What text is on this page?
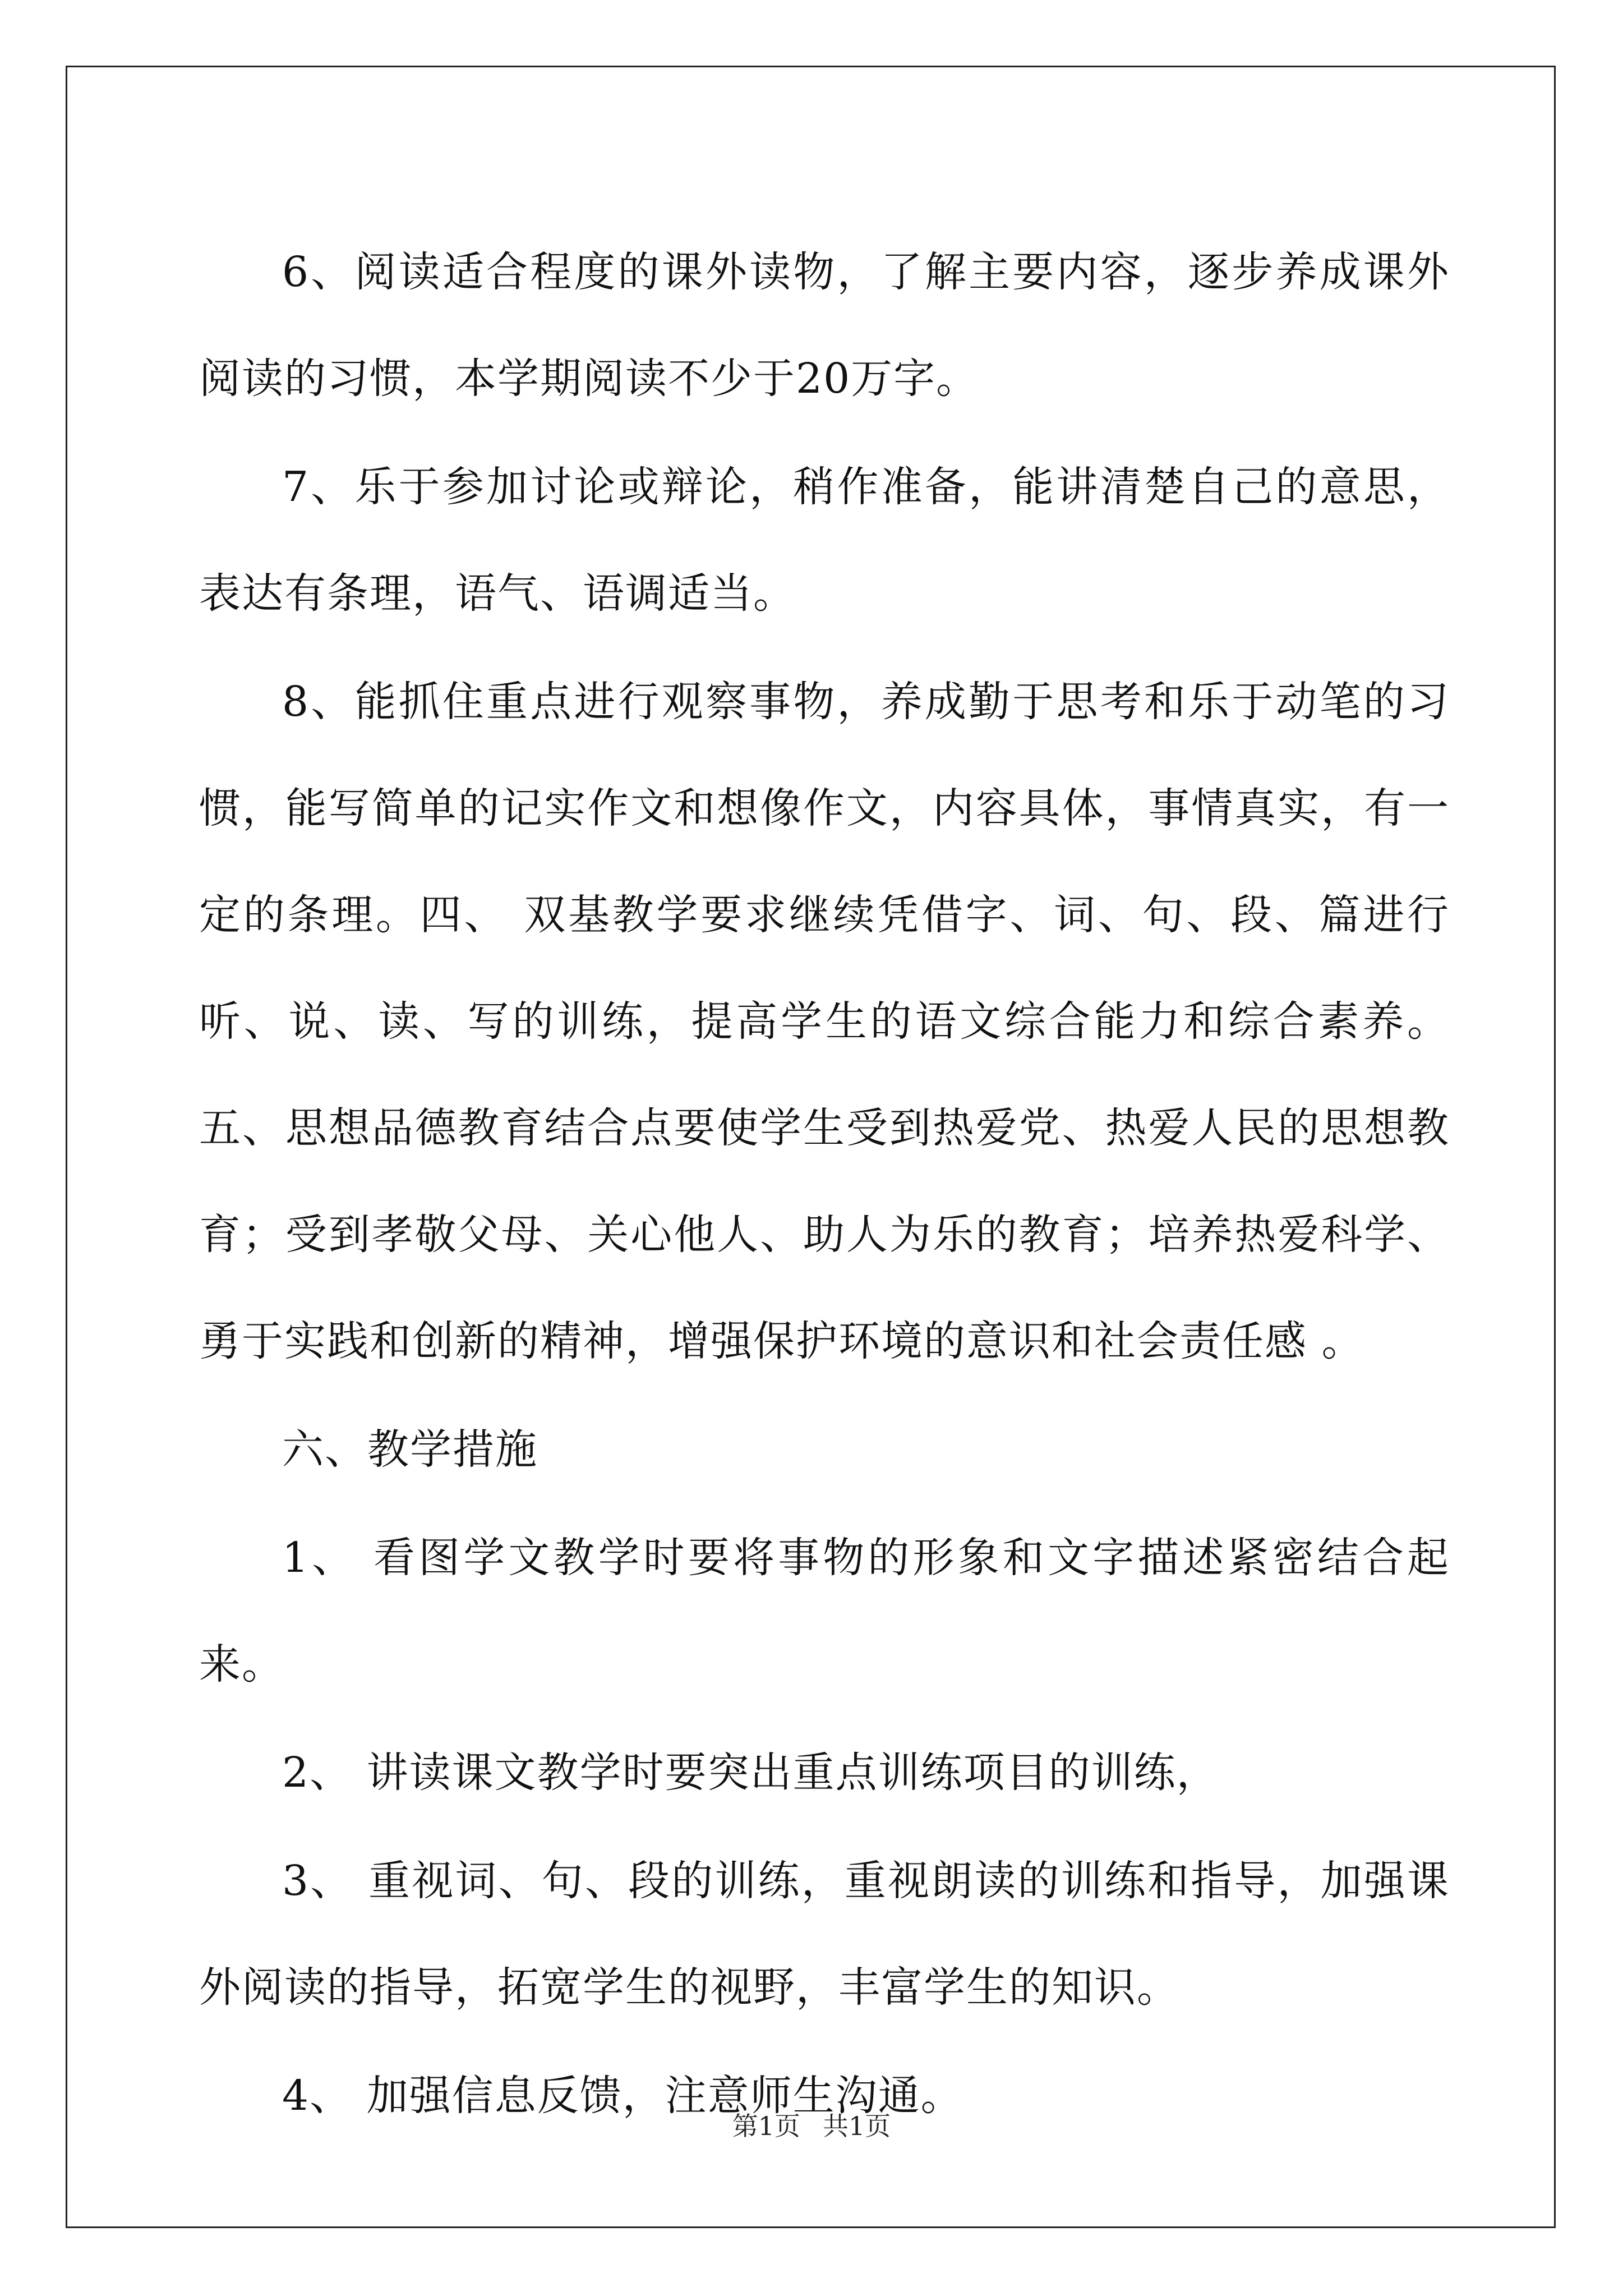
6、阅读适合程度的课外读物，了解主要内容，逐步养成课外阅读的习惯，本学期阅读不少于20万字。

7、乐于参加讨论或辩论，稍作准备，能讲清楚自己的意思，表达有条理，语气、语调适当。

8、能抓住重点进行观察事物，养成勤于思考和乐于动笔的习惯，能写简单的记实作文和想像作文，内容具体，事情真实，有一定的条理。四、 双基教学要求继续凭借字、词、句、段、篇进行听、说、读、写的训练，提高学生的语文综合能力和综合素养。五、思想品德教育结合点要使学生受到热爱党、热爱人民的思想教育；受到孝敬父母、关心他人、助人为乐的教育；培养热爱科学、勇于实践和创新的精神，增强保护环境的意识和社会责任感 。

六、教学措施

1、 看图学文教学时要将事物的形象和文字描述紧密结合起来。

2、 讲读课文教学时要突出重点训练项目的训练，

3、 重视词、句、段的训练，重视朗读的训练和指导，加强课外阅读的指导，拓宽学生的视野，丰富学生的知识。

4、 加强信息反馈，注意师生沟通。

第1页 共1页
